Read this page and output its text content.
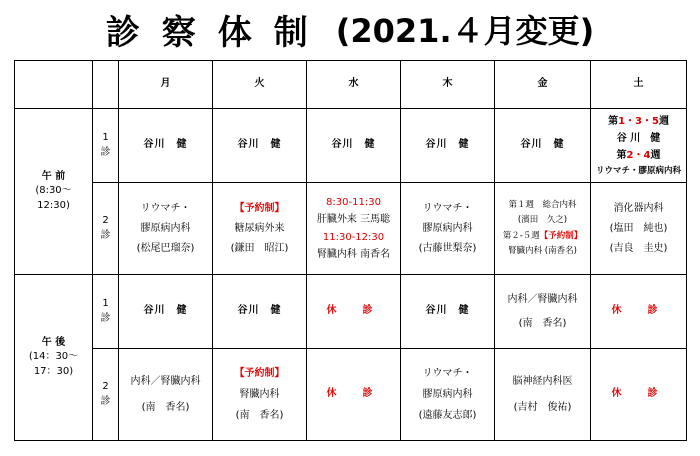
診察体制 (2021.４月変更)
		月	火	水	木	金	土

午 前
(8:30～
12:30)	1
診	谷川　健	谷川　健	谷川　健	谷川　健	谷川　健	第1・3・5週
谷 川　健
第2・4週
リウマチ・膠原病内科

	2
診	リウマチ・
膠原病内科
(松尾巴瑠奈)	【予約制】
糖尿病外来
(鎌田　昭江)	8:30-11:30
肝臓外来 三馬聡
11:30-12:30
腎臓内科 南香名	リウマチ・
膠原病内科
(古藤世梨奈)	第１週　総合内科
(濱田　久之)
第２-５週【予約制】
腎臓内科 (南香名)	消化器内科
(塩田　純也)
(吉良　圭史)

午 後
(14：30～
17：30)	1
診	谷川　健	谷川　健	休　診	谷川　健	内科／腎臓内科
(南　香名)	休　診

	2
診	内科／腎臓内科
(南　香名)	【予約制】
腎臓内科
(南　香名)	休　診	リウマチ・
膠原病内科
(遠藤友志郎)	脳神経内科医
(吉村　俊祐)	休　診
